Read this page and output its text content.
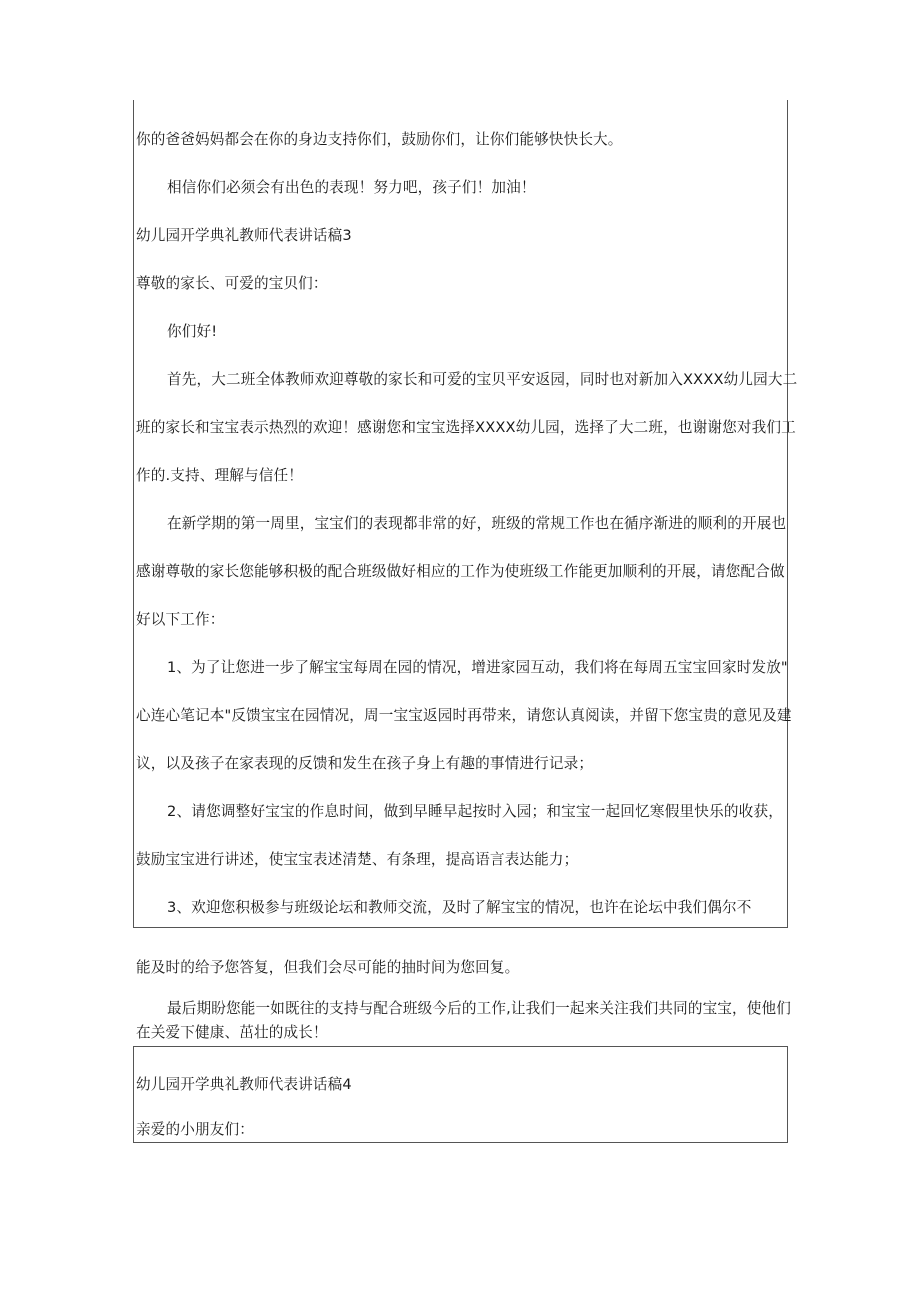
你的爸爸妈妈都会在你的身边支持你们，鼓励你们，让你们能够快快长大。
相信你们必须会有出色的表现！努力吧，孩子们！加油！
幼儿园开学典礼教师代表讲话稿3
尊敬的家长、可爱的宝贝们：
你们好!
首先，大二班全体教师欢迎尊敬的家长和可爱的宝贝平安返园，同时也对新加入XXXX幼儿园大二
班的家长和宝宝表示热烈的欢迎！感谢您和宝宝选择XXXX幼儿园，选择了大二班，也谢谢您对我们工
作的.支持、理解与信任！
在新学期的第一周里，宝宝们的表现都非常的好，班级的常规工作也在循序渐进的顺利的开展也
感谢尊敬的家长您能够积极的配合班级做好相应的工作为使班级工作能更加顺利的开展，请您配合做
好以下工作：
1、为了让您进一步了解宝宝每周在园的情况，增进家园互动，我们将在每周五宝宝回家时发放"
心连心笔记本"反馈宝宝在园情况，周一宝宝返园时再带来，请您认真阅读，并留下您宝贵的意见及建
议，以及孩子在家表现的反馈和发生在孩子身上有趣的事情进行记录；
2、请您调整好宝宝的作息时间，做到早睡早起按时入园；和宝宝一起回忆寒假里快乐的收获，
鼓励宝宝进行讲述，使宝宝表述清楚、有条理，提高语言表达能力；
3、欢迎您积极参与班级论坛和教师交流，及时了解宝宝的情况，也许在论坛中我们偶尔不
能及时的给予您答复，但我们会尽可能的抽时间为您回复。
最后期盼您能一如既往的支持与配合班级今后的工作,让我们一起来关注我们共同的宝宝，使他们
在关爱下健康、茁壮的成长！
幼儿园开学典礼教师代表讲话稿4
亲爱的小朋友们：
